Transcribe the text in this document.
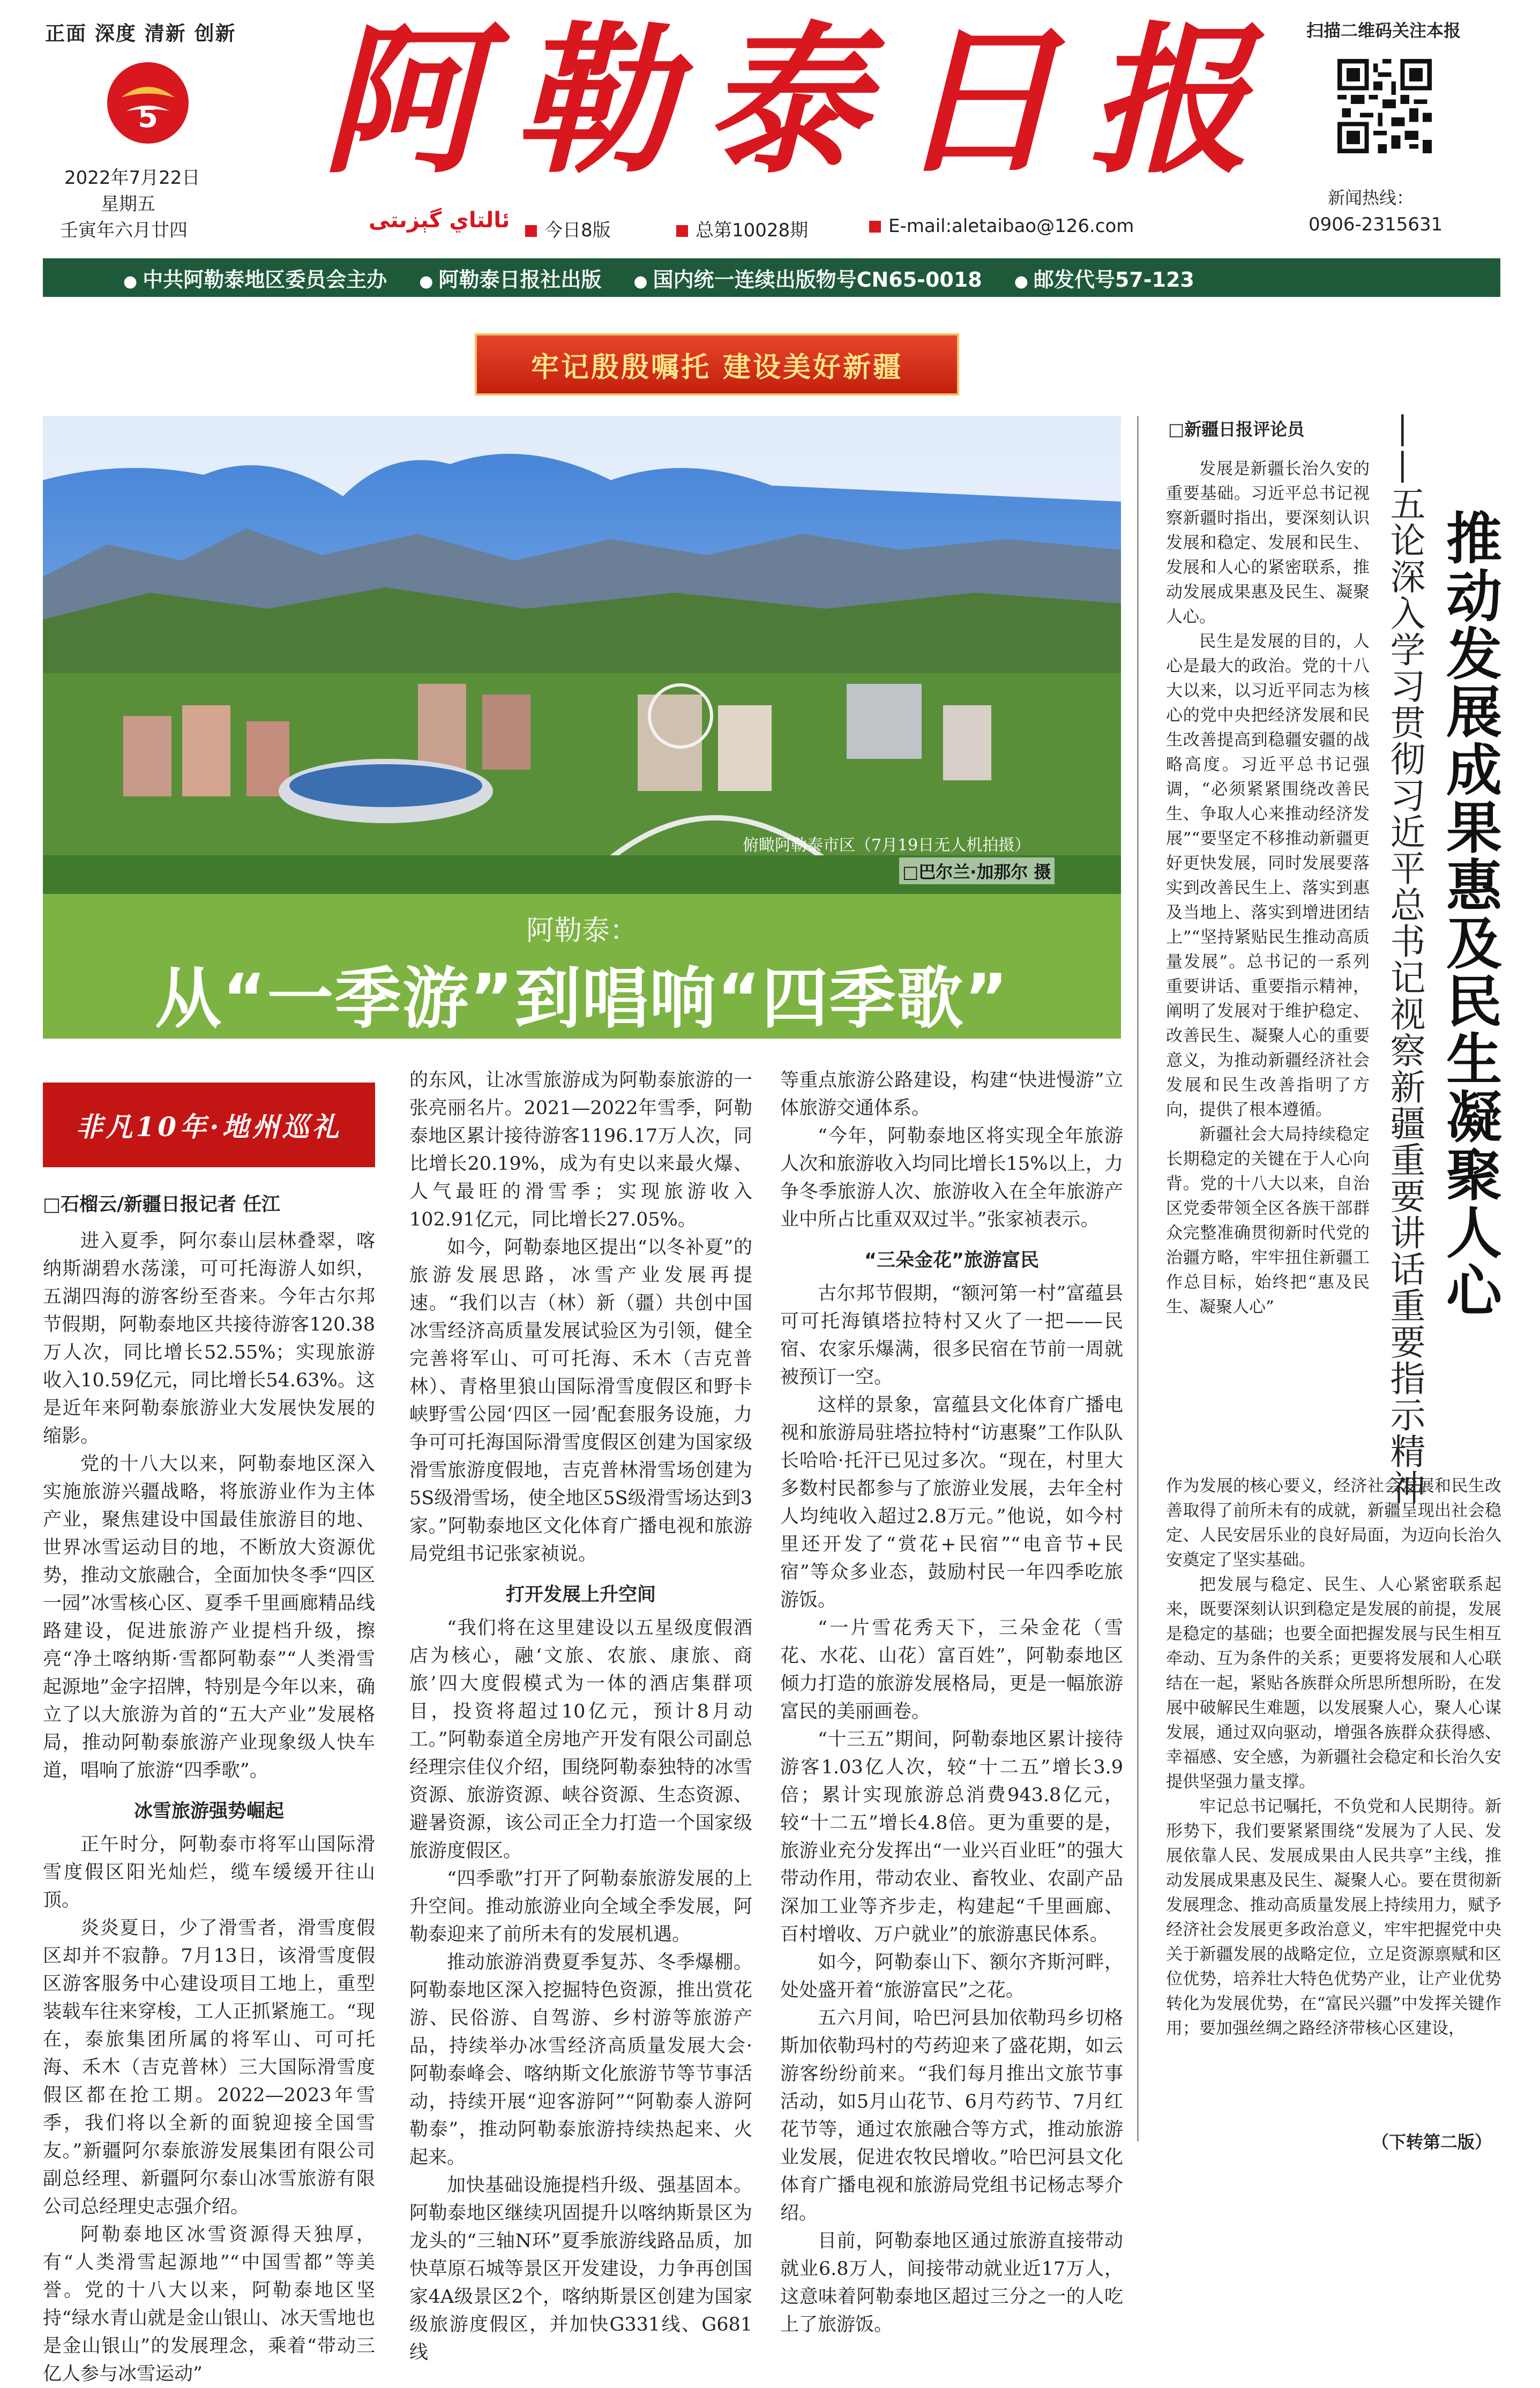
正面 深度 清新 创新
5
2022年7月22日
星期五
壬寅年六月廿四
阿勒泰日报
ئالتاي گېزىتى	今日8版	总第10028期	E-mail:aletaibao@126.com
扫描二维码关注本报
新闻热线：
0906-2315631
● 中共阿勒泰地区委员会主办	● 阿勒泰日报社出版	● 国内统一连续出版物号CN65-0018	● 邮发代号57-123
牢记殷殷嘱托 建设美好新疆
俯瞰阿勒泰市区（7月19日无人机拍摄）
□巴尔兰·加那尔 摄
阿勒泰：
从“一季游”到唱响“四季歌”
非凡10年·地州巡礼
□石榴云/新疆日报记者 任江

进入夏季，阿尔泰山层林叠翠，喀纳斯湖碧水荡漾，可可托海游人如织，五湖四海的游客纷至沓来。今年古尔邦节假期，阿勒泰地区共接待游客120.38万人次，同比增长52.55%；实现旅游收入10.59亿元，同比增长54.63%。这是近年来阿勒泰旅游业大发展快发展的缩影。

党的十八大以来，阿勒泰地区深入实施旅游兴疆战略，将旅游业作为主体产业，聚焦建设中国最佳旅游目的地、世界冰雪运动目的地，不断放大资源优势，推动文旅融合，全面加快冬季“四区一园”冰雪核心区、夏季千里画廊精品线路建设，促进旅游产业提档升级，擦亮“净土喀纳斯·雪都阿勒泰”“人类滑雪起源地”金字招牌，特别是今年以来，确立了以大旅游为首的“五大产业”发展格局，推动阿勒泰旅游产业现象级人快车道，唱响了旅游“四季歌”。

冰雪旅游强势崛起

正午时分，阿勒泰市将军山国际滑雪度假区阳光灿烂，缆车缓缓开往山顶。

炎炎夏日，少了滑雪者，滑雪度假区却并不寂静。7月13日，该滑雪度假区游客服务中心建设项目工地上，重型装载车往来穿梭，工人正抓紧施工。“现在，泰旅集团所属的将军山、可可托海、禾木（吉克普林）三大国际滑雪度假区都在抢工期。2022—2023年雪季，我们将以全新的面貌迎接全国雪友。”新疆阿尔泰旅游发展集团有限公司副总经理、新疆阿尔泰山冰雪旅游有限公司总经理史志强介绍。

阿勒泰地区冰雪资源得天独厚，有“人类滑雪起源地”“中国雪都”等美誉。党的十八大以来，阿勒泰地区坚持“绿水青山就是金山银山、冰天雪地也是金山银山”的发展理念，乘着“带动三亿人参与冰雪运动”

的东风，让冰雪旅游成为阿勒泰旅游的一张亮丽名片。2021—2022年雪季，阿勒泰地区累计接待游客1196.17万人次，同比增长20.19%，成为有史以来最火爆、人气最旺的滑雪季；实现旅游收入102.91亿元，同比增长27.05%。

如今，阿勒泰地区提出“以冬补夏”的旅游发展思路，冰雪产业发展再提速。“我们以吉（林）新（疆）共创中国冰雪经济高质量发展试验区为引领，健全完善将军山、可可托海、禾木（吉克普林）、青格里狼山国际滑雪度假区和野卡峡野雪公园‘四区一园’配套服务设施，力争可可托海国际滑雪度假区创建为国家级滑雪旅游度假地，吉克普林滑雪场创建为5S级滑雪场，使全地区5S级滑雪场达到3家。”阿勒泰地区文化体育广播电视和旅游局党组书记张家祯说。

打开发展上升空间

“我们将在这里建设以五星级度假酒店为核心，融‘文旅、农旅、康旅、商旅’四大度假模式为一体的酒店集群项目，投资将超过10亿元，预计8月动工。”阿勒泰道全房地产开发有限公司副总经理宗佳仪介绍，围绕阿勒泰独特的冰雪资源、旅游资源、峡谷资源、生态资源、避暑资源，该公司正全力打造一个国家级旅游度假区。

“四季歌”打开了阿勒泰旅游发展的上升空间。推动旅游业向全域全季发展，阿勒泰迎来了前所未有的发展机遇。

推动旅游消费夏季复苏、冬季爆棚。阿勒泰地区深入挖掘特色资源，推出赏花游、民俗游、自驾游、乡村游等旅游产品，持续举办冰雪经济高质量发展大会·阿勒泰峰会、喀纳斯文化旅游节等节事活动，持续开展“迎客游阿”“阿勒泰人游阿勒泰”，推动阿勒泰旅游持续热起来、火起来。

加快基础设施提档升级、强基固本。阿勒泰地区继续巩固提升以喀纳斯景区为龙头的“三轴N环”夏季旅游线路品质，加快草原石城等景区开发建设，力争再创国家4A级景区2个，喀纳斯景区创建为国家级旅游度假区，并加快G331线、G681线

等重点旅游公路建设，构建“快进慢游”立体旅游交通体系。

“今年，阿勒泰地区将实现全年旅游人次和旅游收入均同比增长15%以上，力争冬季旅游人次、旅游收入在全年旅游产业中所占比重双双过半。”张家祯表示。

“三朵金花”旅游富民

古尔邦节假期，“额河第一村”富蕴县可可托海镇塔拉特村又火了一把——民宿、农家乐爆满，很多民宿在节前一周就被预订一空。

这样的景象，富蕴县文化体育广播电视和旅游局驻塔拉特村“访惠聚”工作队队长哈哈·托汗已见过多次。“现在，村里大多数村民都参与了旅游业发展，去年全村人均纯收入超过2.8万元。”他说，如今村里还开发了“赏花+民宿”“电音节+民宿”等众多业态，鼓励村民一年四季吃旅游饭。

“一片雪花秀天下，三朵金花（雪花、水花、山花）富百姓”，阿勒泰地区倾力打造的旅游发展格局，更是一幅旅游富民的美丽画卷。

“十三五”期间，阿勒泰地区累计接待游客1.03亿人次，较“十二五”增长3.9倍；累计实现旅游总消费943.8亿元，较“十二五”增长4.8倍。更为重要的是，旅游业充分发挥出“一业兴百业旺”的强大带动作用，带动农业、畜牧业、农副产品深加工业等齐步走，构建起“千里画廊、百村增收、万户就业”的旅游惠民体系。

如今，阿勒泰山下、额尔齐斯河畔，处处盛开着“旅游富民”之花。

五六月间，哈巴河县加依勒玛乡切格斯加依勒玛村的芍药迎来了盛花期，如云游客纷纷前来。“我们每月推出文旅节事活动，如5月山花节、6月芍药节、7月红花节等，通过农旅融合等方式，推动旅游业发展，促进农牧民增收。”哈巴河县文化体育广播电视和旅游局党组书记杨志琴介绍。

目前，阿勒泰地区通过旅游直接带动就业6.8万人，间接带动就业近17万人，这意味着阿勒泰地区超过三分之一的人吃上了旅游饭。

□新疆日报评论员
推动发展成果惠及民生凝聚人心
——五论深入学习贯彻习近平总书记视察新疆重要讲话重要指示精神

发展是新疆长治久安的重要基础。习近平总书记视察新疆时指出，要深刻认识发展和稳定、发展和民生、发展和人心的紧密联系，推动发展成果惠及民生、凝聚人心。

民生是发展的目的，人心是最大的政治。党的十八大以来，以习近平同志为核心的党中央把经济发展和民生改善提高到稳疆安疆的战略高度。习近平总书记强调，“必须紧紧围绕改善民生、争取人心来推动经济发展”“要坚定不移推动新疆更好更快发展，同时发展要落实到改善民生上、落实到惠及当地上、落实到增进团结上”“坚持紧贴民生推动高质量发展”。总书记的一系列重要讲话、重要指示精神，阐明了发展对于维护稳定、改善民生、凝聚人心的重要意义，为推动新疆经济社会发展和民生改善指明了方向，提供了根本遵循。

新疆社会大局持续稳定长期稳定的关键在于人心向背。党的十八大以来，自治区党委带领全区各族干部群众完整准确贯彻新时代党的治疆方略，牢牢扭住新疆工作总目标，始终把“惠及民生、凝聚人心”

作为发展的核心要义，经济社会发展和民生改善取得了前所未有的成就，新疆呈现出社会稳定、人民安居乐业的良好局面，为迈向长治久安奠定了坚实基础。

把发展与稳定、民生、人心紧密联系起来，既要深刻认识到稳定是发展的前提，发展是稳定的基础；也要全面把握发展与民生相互牵动、互为条件的关系；更要将发展和人心联结在一起，紧贴各族群众所思所想所盼，在发展中破解民生难题，以发展聚人心，聚人心谋发展，通过双向驱动，增强各族群众获得感、幸福感、安全感，为新疆社会稳定和长治久安提供坚强力量支撑。

牢记总书记嘱托，不负党和人民期待。新形势下，我们要紧紧围绕“发展为了人民、发展依靠人民、发展成果由人民共享”主线，推动发展成果惠及民生、凝聚人心。要在贯彻新发展理念、推动高质量发展上持续用力，赋予经济社会发展更多政治意义，牢牢把握党中央关于新疆发展的战略定位，立足资源禀赋和区位优势，培养壮大特色优势产业，让产业优势转化为发展优势，在“富民兴疆”中发挥关键作用；要加强丝绸之路经济带核心区建设，

（下转第二版）
